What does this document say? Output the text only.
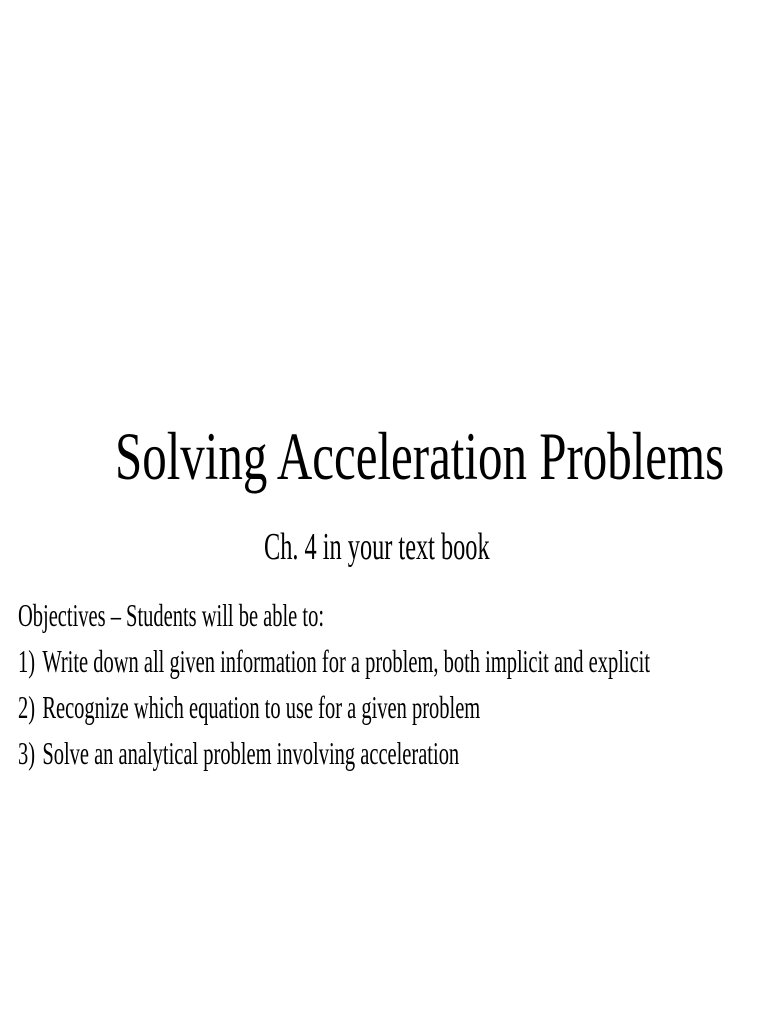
Solving Acceleration Problems
Ch. 4 in your text book
Objectives – Students will be able to:
1) Write down all given information for a problem, both implicit and explicit
2) Recognize which equation to use for a given problem
3) Solve an analytical problem involving acceleration
